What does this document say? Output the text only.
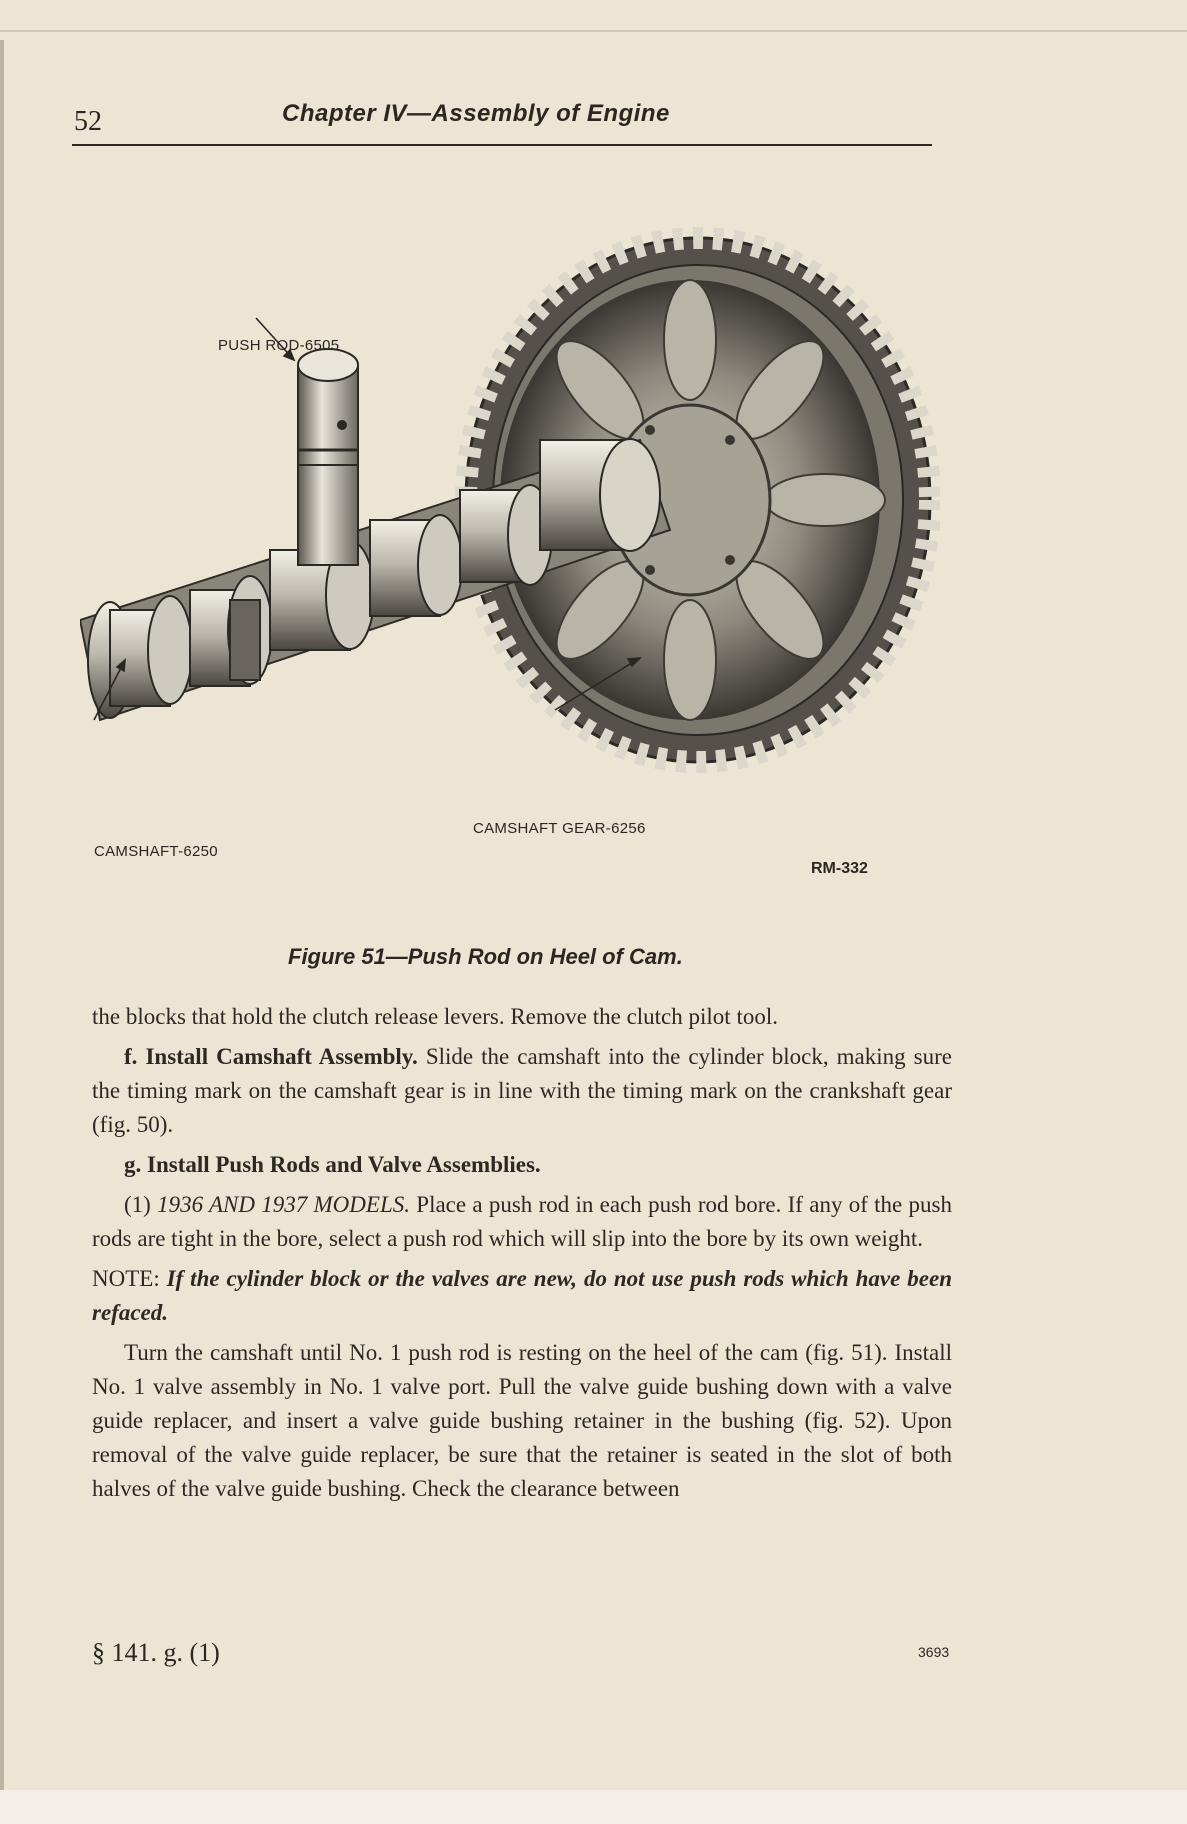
52	Chapter IV—Assembly of Engine
PUSH ROD-6505
CAMSHAFT-6250
CAMSHAFT GEAR-6256
RM-332
Figure 51—Push Rod on Heel of Cam.

the blocks that hold the clutch release levers. Remove the clutch pilot tool.

f. Install Camshaft Assembly. Slide the camshaft into the cylinder block, making sure the timing mark on the camshaft gear is in line with the timing mark on the crankshaft gear (fig. 50).

g. Install Push Rods and Valve Assemblies.

(1) 1936 AND 1937 MODELS. Place a push rod in each push rod bore. If any of the push rods are tight in the bore, select a push rod which will slip into the bore by its own weight.

NOTE: If the cylinder block or the valves are new, do not use push rods which have been refaced.

Turn the camshaft until No. 1 push rod is resting on the heel of the cam (fig. 51). Install No. 1 valve assembly in No. 1 valve port. Pull the valve guide bushing down with a valve guide replacer, and insert a valve guide bushing retainer in the bushing (fig. 52). Upon removal of the valve guide replacer, be sure that the retainer is seated in the slot of both halves of the valve guide bushing. Check the clearance between

§ 141. g. (1)	3693
